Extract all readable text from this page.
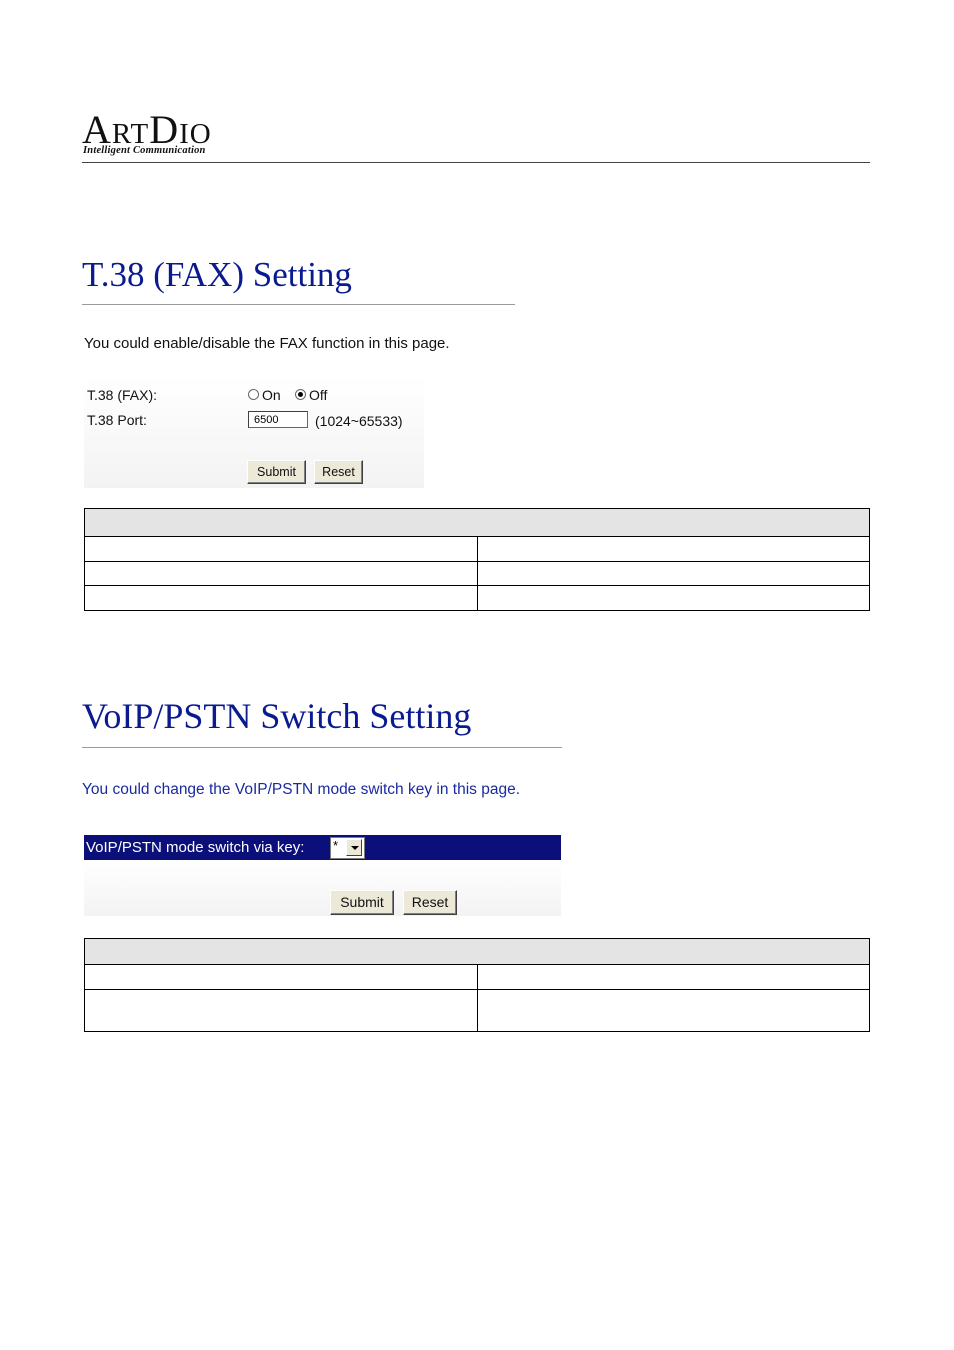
ARTDIO
Intelligent Communication
T.38 (FAX) Setting
You could enable/disable the FAX function in this page.
T.38 (FAX):	On Off
T.38 Port:
6500	(1024~65533)
Submit	Reset

VoIP/PSTN Switch Setting
You could change the VoIP/PSTN mode switch key in this page.
VoIP/PSTN mode switch via key: *
Submit	Reset
